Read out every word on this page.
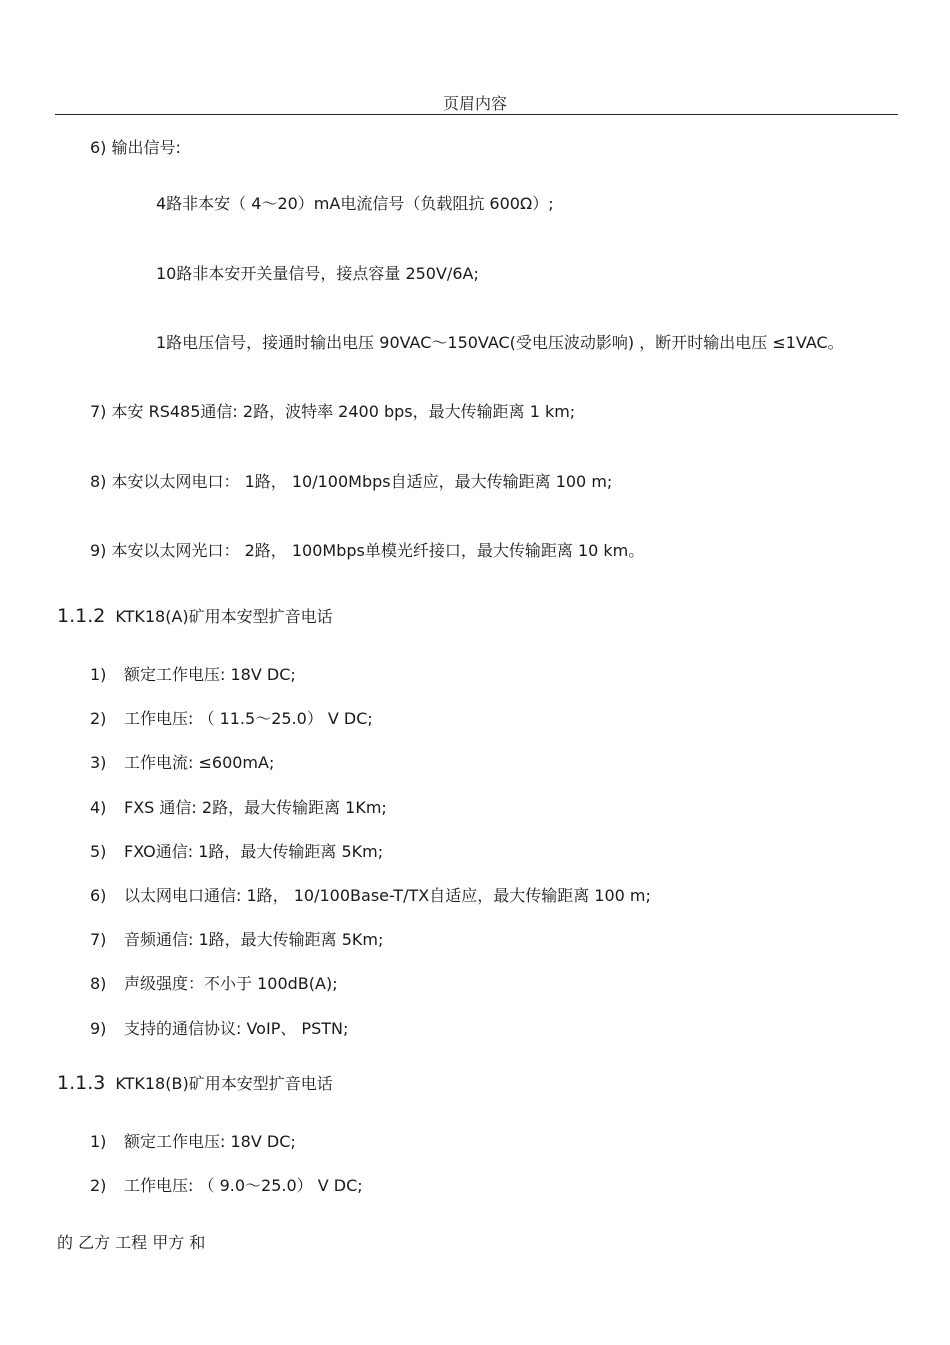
页眉内容
6) 输出信号:
4路非本安（ 4～20）mA电流信号（负载阻抗 600Ω）;
10路非本安开关量信号，接点容量 250V/6A;
1路电压信号，接通时输出电压 90VAC～150VAC(受电压波动影响) ，断开时输出电压 ≤1VAC。
7) 本安 RS485通信: 2路，波特率 2400 bps，最大传输距离 1 km;
8) 本安以太网电口： 1路， 10/100Mbps自适应，最大传输距离 100 m;
9) 本安以太网光口： 2路， 100Mbps单模光纤接口，最大传输距离 10 km。
1.1.2 KTK18(A)矿用本安型扩音电话
1) 额定工作电压: 18V DC;
2) 工作电压: （ 11.5～25.0） V DC;
3) 工作电流: ≤600mA;
4) FXS 通信: 2路，最大传输距离 1Km;
5) FXO通信: 1路，最大传输距离 5Km;
6) 以太网电口通信: 1路， 10/100Base-T/TX自适应，最大传输距离 100 m;
7) 音频通信: 1路，最大传输距离 5Km;
8) 声级强度：不小于 100dB(A);
9) 支持的通信协议: VoIP、 PSTN;
1.1.3 KTK18(B)矿用本安型扩音电话
1) 额定工作电压: 18V DC;
2) 工作电压: （ 9.0～25.0） V DC;
的 乙方 工程 甲方 和
